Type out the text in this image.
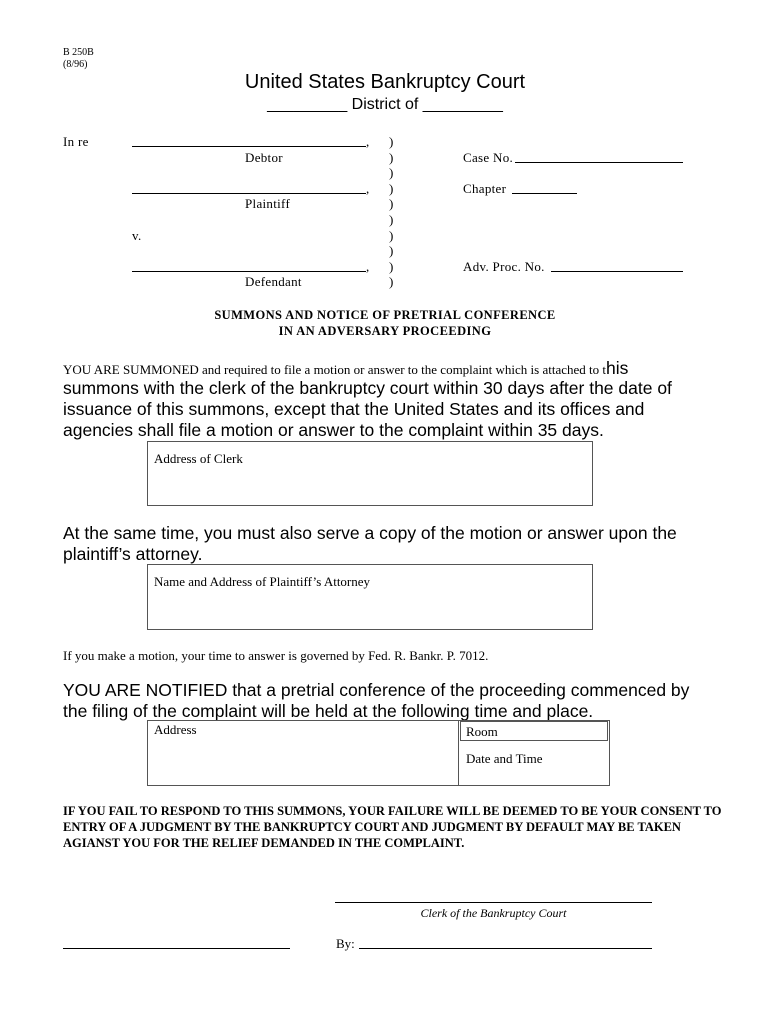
B 250B
(8/96)
United States Bankruptcy Court
_________ District of _________
In re	,
Debtor
,
Plaintiff
v.
,
Defendant
)
)
)
)
)
)
)
)
)
)
Case No.
Chapter
Adv. Proc. No.
SUMMONS AND NOTICE OF PRETRIAL CONFERENCE
IN AN ADVERSARY PROCEEDING
YOU ARE SUMMONED and required to file a motion or answer to the complaint which is attached to this
summons with the clerk of the bankruptcy court within 30 days after the date of
issuance of this summons, except that the United States and its offices and
agencies shall file a motion or answer to the complaint within 35 days.
Address of Clerk
At the same time, you must also serve a copy of the motion or answer upon the
plaintiff’s attorney.
Name and Address of Plaintiff’s Attorney
If you make a motion, your time to answer is governed by Fed. R. Bankr. P. 7012.
YOU ARE NOTIFIED that a pretrial conference of the proceeding commenced by
the filing of the complaint will be held at the following time and place.
Address	Room
Date and Time
IF YOU FAIL TO RESPOND TO THIS SUMMONS, YOUR FAILURE WILL BE DEEMED TO BE YOUR CONSENT TO ENTRY OF A JUDGMENT BY THE BANKRUPTCY COURT AND JUDGMENT BY DEFAULT MAY BE TAKEN AGIANST YOU FOR THE RELIEF DEMANDED IN THE COMPLAINT.
Clerk of the Bankruptcy Court
By:
